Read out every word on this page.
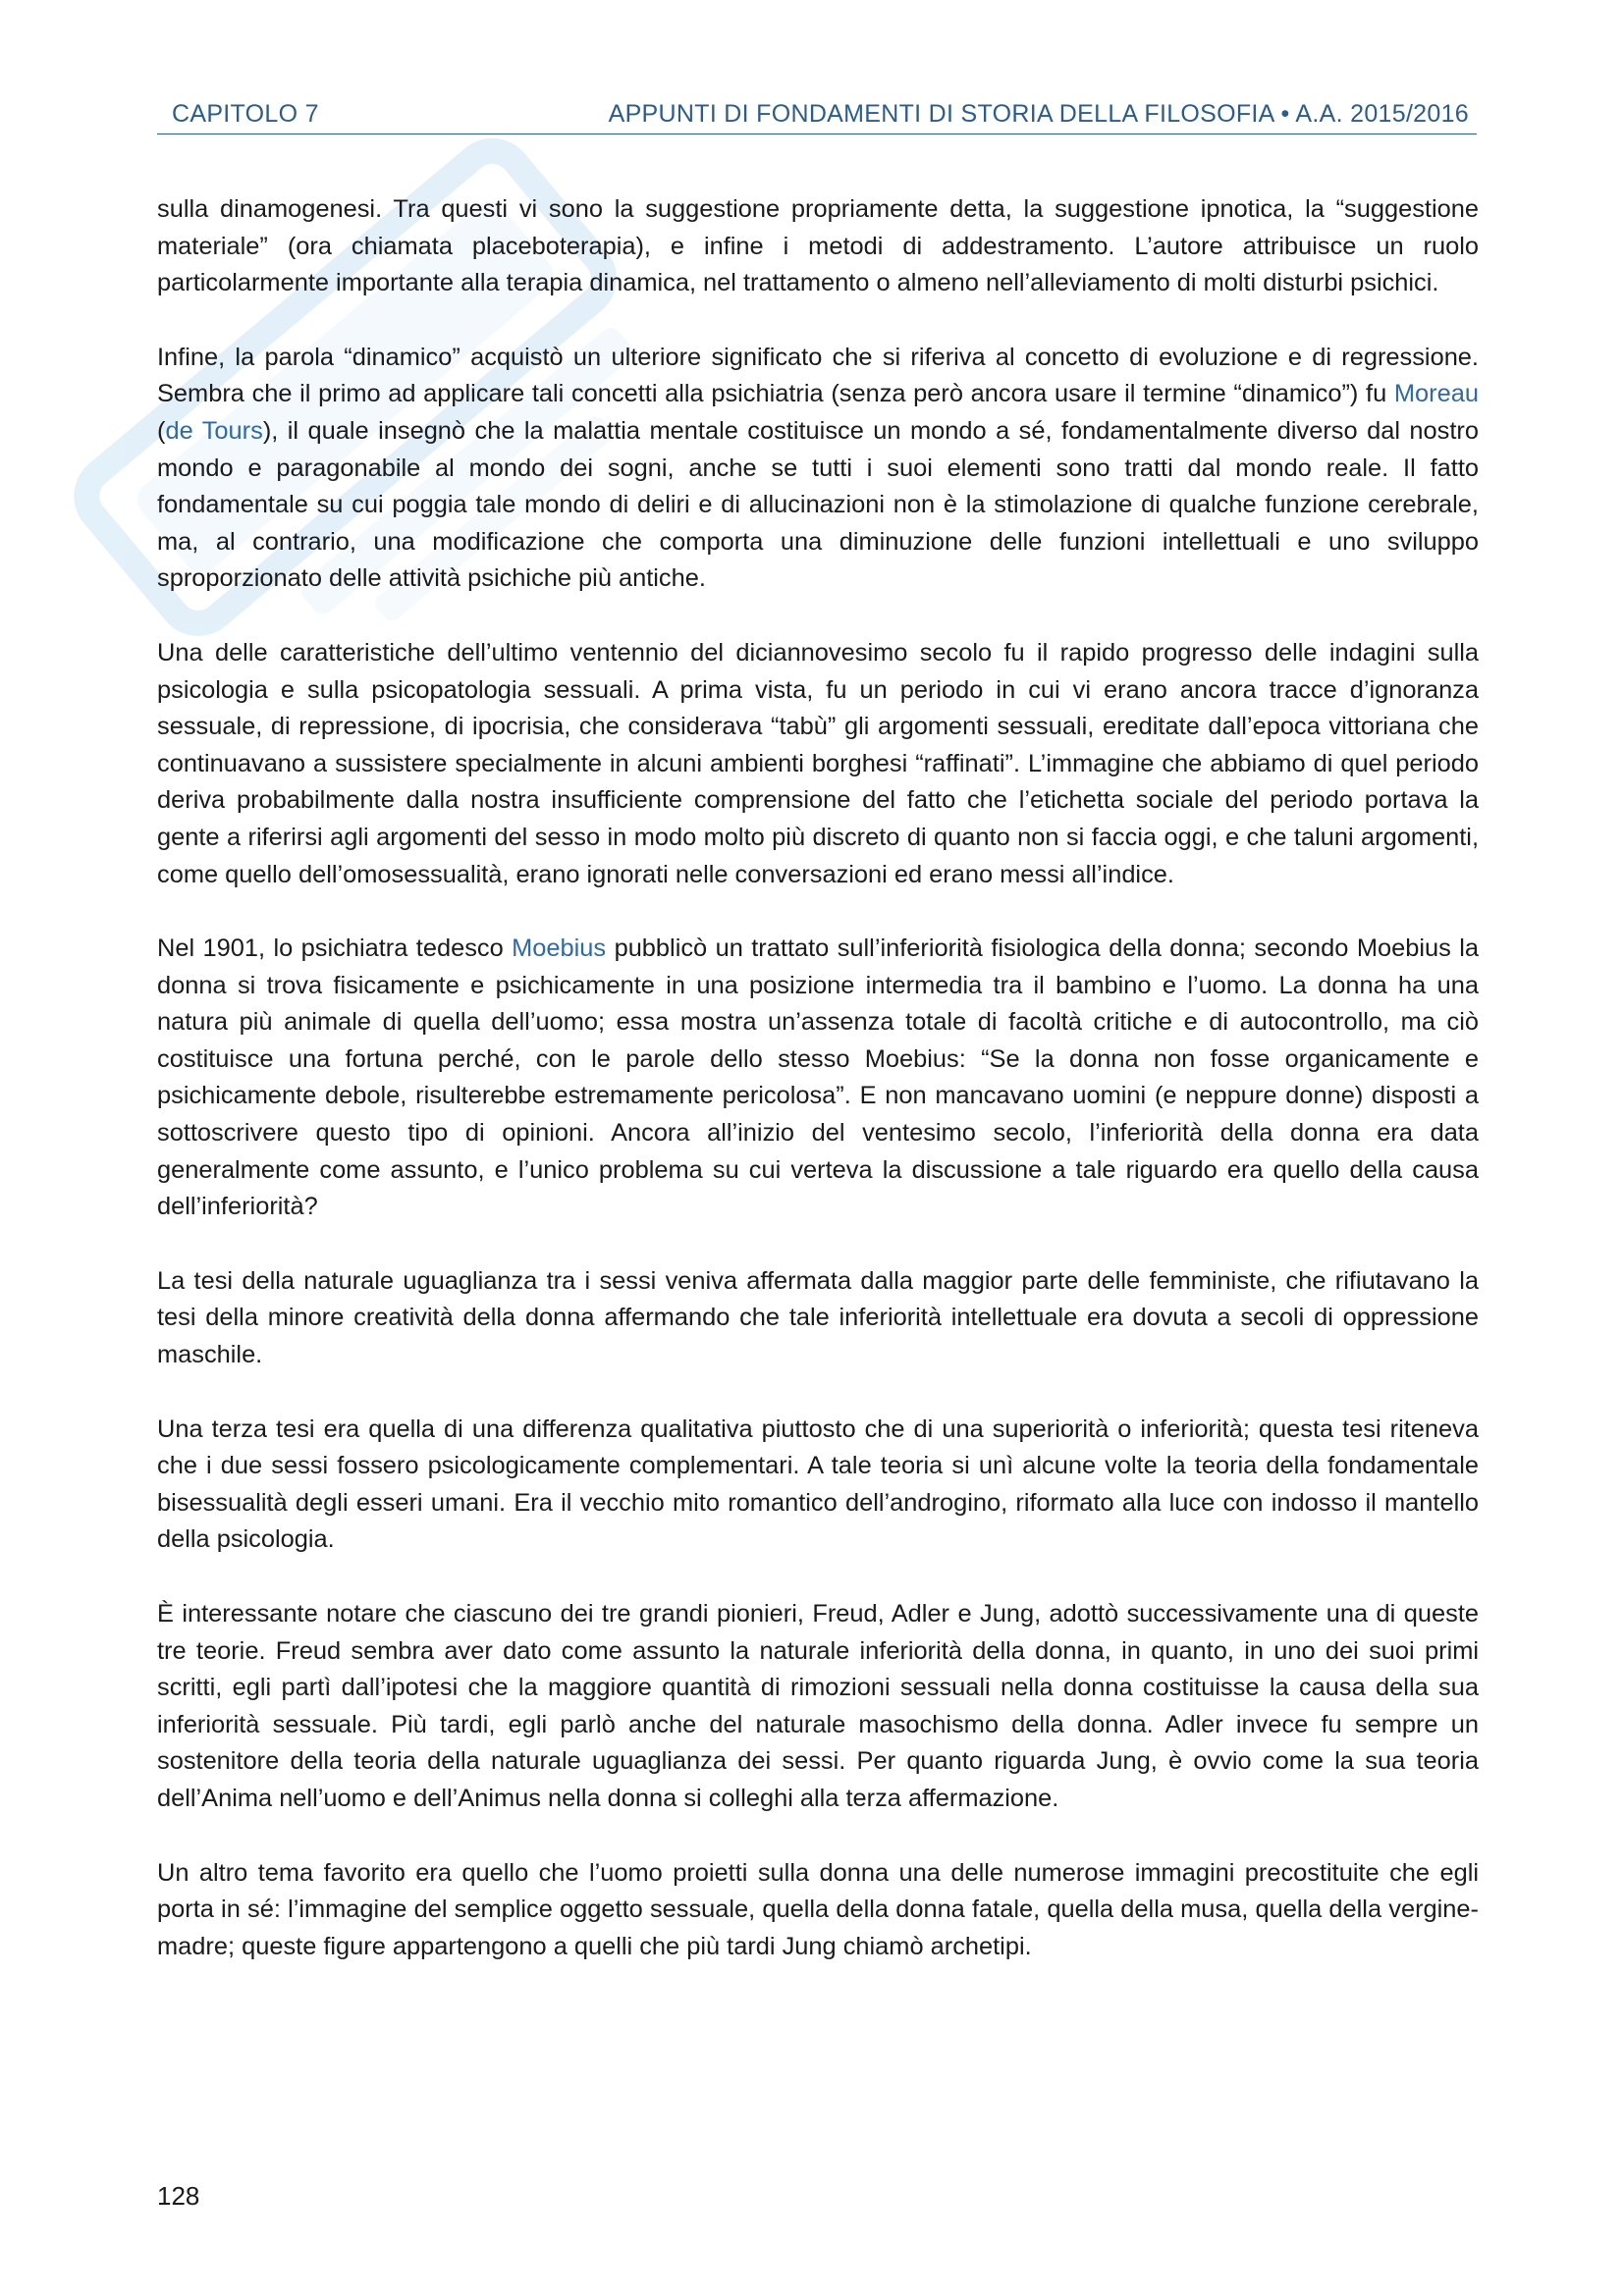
CAPITOLO 7	APPUNTI DI FONDAMENTI DI STORIA DELLA FILOSOFIA • A.A. 2015/2016

sulla dinamogenesi. Tra questi vi sono la suggestione propriamente detta, la suggestione ipnotica, la “suggestione materiale” (ora chiamata placeboterapia), e infine i metodi di addestramento. L’autore attribuisce un ruolo particolarmente importante alla terapia dinamica, nel trattamento o almeno nell’alleviamento di molti disturbi psichici.

Infine, la parola “dinamico” acquistò un ulteriore significato che si riferiva al concetto di evoluzione e di regressione. Sembra che il primo ad applicare tali concetti alla psichiatria (senza però ancora usare il termine “dinamico”) fu Moreau (de Tours), il quale insegnò che la malattia mentale costituisce un mondo a sé, fondamentalmente diverso dal nostro mondo e paragonabile al mondo dei sogni, anche se tutti i suoi elementi sono tratti dal mondo reale. Il fatto fondamentale su cui poggia tale mondo di deliri e di allucinazioni non è la stimolazione di qualche funzione cerebrale, ma, al contrario, una modificazione che comporta una diminuzione delle funzioni intellettuali e uno sviluppo sproporzionato delle attività psichiche più antiche.

Una delle caratteristiche dell’ultimo ventennio del diciannovesimo secolo fu il rapido progresso delle indagini sulla psicologia e sulla psicopatologia sessuali. A prima vista, fu un periodo in cui vi erano ancora tracce d’ignoranza sessuale, di repressione, di ipocrisia, che considerava “tabù” gli argomenti sessuali, ereditate dall’epoca vittoriana che continuavano a sussistere specialmente in alcuni ambienti borghesi “raffinati”. L’immagine che abbiamo di quel periodo deriva probabilmente dalla nostra insufficiente comprensione del fatto che l’etichetta sociale del periodo portava la gente a riferirsi agli argomenti del sesso in modo molto più discreto di quanto non si faccia oggi, e che taluni argomenti, come quello dell’omosessualità, erano ignorati nelle conversazioni ed erano messi all’indice.

Nel 1901, lo psichiatra tedesco Moebius pubblicò un trattato sull’inferiorità fisiologica della donna; secondo Moebius la donna si trova fisicamente e psichicamente in una posizione intermedia tra il bambino e l’uomo. La donna ha una natura più animale di quella dell’uomo; essa mostra un’assenza totale di facoltà critiche e di autocontrollo, ma ciò costituisce una fortuna perché, con le parole dello stesso Moebius: “Se la donna non fosse organicamente e psichicamente debole, risulterebbe estremamente pericolosa”. E non mancavano uomini (e neppure donne) disposti a sottoscrivere questo tipo di opinioni. Ancora all’inizio del ventesimo secolo, l’inferiorità della donna era data generalmente come assunto, e l’unico problema su cui verteva la discussione a tale riguardo era quello della causa dell’inferiorità?

La tesi della naturale uguaglianza tra i sessi veniva affermata dalla maggior parte delle femministe, che rifiutavano la tesi della minore creatività della donna affermando che tale inferiorità intellettuale era dovuta a secoli di oppressione maschile.

Una terza tesi era quella di una differenza qualitativa piuttosto che di una superiorità o inferiorità; questa tesi riteneva che i due sessi fossero psicologicamente complementari. A tale teoria si unì alcune volte la teoria della fondamentale bisessualità degli esseri umani. Era il vecchio mito romantico dell’androgino, riformato alla luce con indosso il mantello della psicologia.

È interessante notare che ciascuno dei tre grandi pionieri, Freud, Adler e Jung, adottò successivamente una di queste tre teorie. Freud sembra aver dato come assunto la naturale inferiorità della donna, in quanto, in uno dei suoi primi scritti, egli partì dall’ipotesi che la maggiore quantità di rimozioni sessuali nella donna costituisse la causa della sua inferiorità sessuale. Più tardi, egli parlò anche del naturale masochismo della donna. Adler invece fu sempre un sostenitore della teoria della naturale uguaglianza dei sessi. Per quanto riguarda Jung, è ovvio come la sua teoria dell’Anima nell’uomo e dell’Animus nella donna si colleghi alla terza affermazione.

Un altro tema favorito era quello che l’uomo proietti sulla donna una delle numerose immagini precostituite che egli porta in sé: l’immagine del semplice oggetto sessuale, quella della donna fatale, quella della musa, quella della vergine-madre; queste figure appartengono a quelli che più tardi Jung chiamò archetipi.

128
